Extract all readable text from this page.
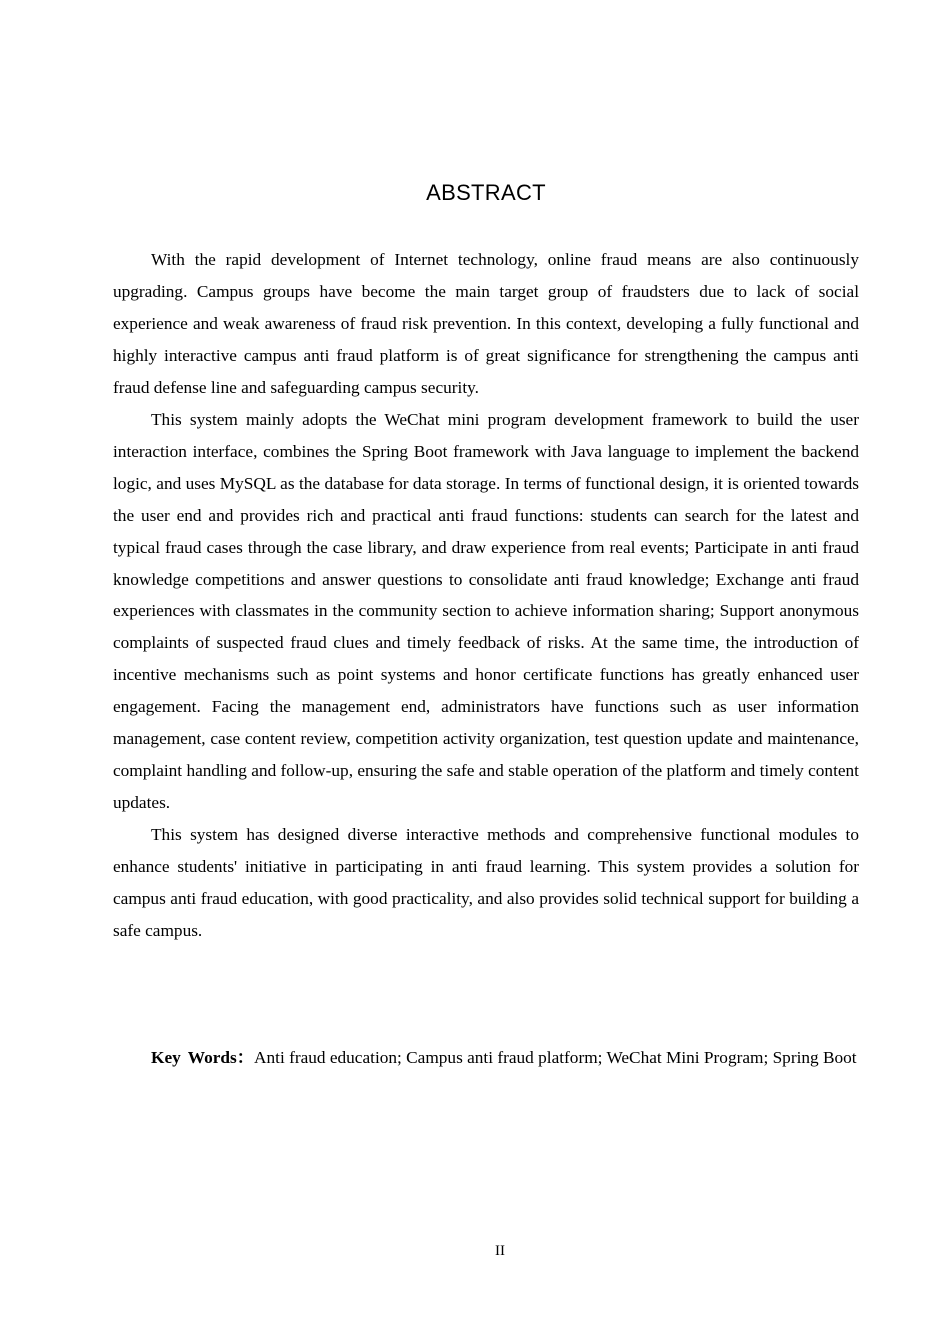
ABSTRACT

With the rapid development of Internet technology, online fraud means are also continuously upgrading. Campus groups have become the main target group of fraudsters due to lack of social experience and weak awareness of fraud risk prevention. In this context, developing a fully functional and highly interactive campus anti fraud platform is of great significance for strengthening the campus anti fraud defense line and safeguarding campus security.

This system mainly adopts the WeChat mini program development framework to build the user interaction interface, combines the Spring Boot framework with Java language to implement the backend logic, and uses MySQL as the database for data storage. In terms of functional design, it is oriented towards the user end and provides rich and practical anti fraud functions: students can search for the latest and typical fraud cases through the case library, and draw experience from real events; Participate in anti fraud knowledge competitions and answer questions to consolidate anti fraud knowledge; Exchange anti fraud experiences with classmates in the community section to achieve information sharing; Support anonymous complaints of suspected fraud clues and timely feedback of risks. At the same time, the introduction of incentive mechanisms such as point systems and honor certificate functions has greatly enhanced user engagement. Facing the management end, administrators have functions such as user information management, case content review, competition activity organization, test question update and maintenance, complaint handling and follow-up, ensuring the safe and stable operation of the platform and timely content updates.

This system has designed diverse interactive methods and comprehensive functional modules to enhance students' initiative in participating in anti fraud learning. This system provides a solution for campus anti fraud education, with good practicality, and also provides solid technical support for building a safe campus.

Key Words：Anti fraud education; Campus anti fraud platform; WeChat Mini Program; Spring Boot

II
